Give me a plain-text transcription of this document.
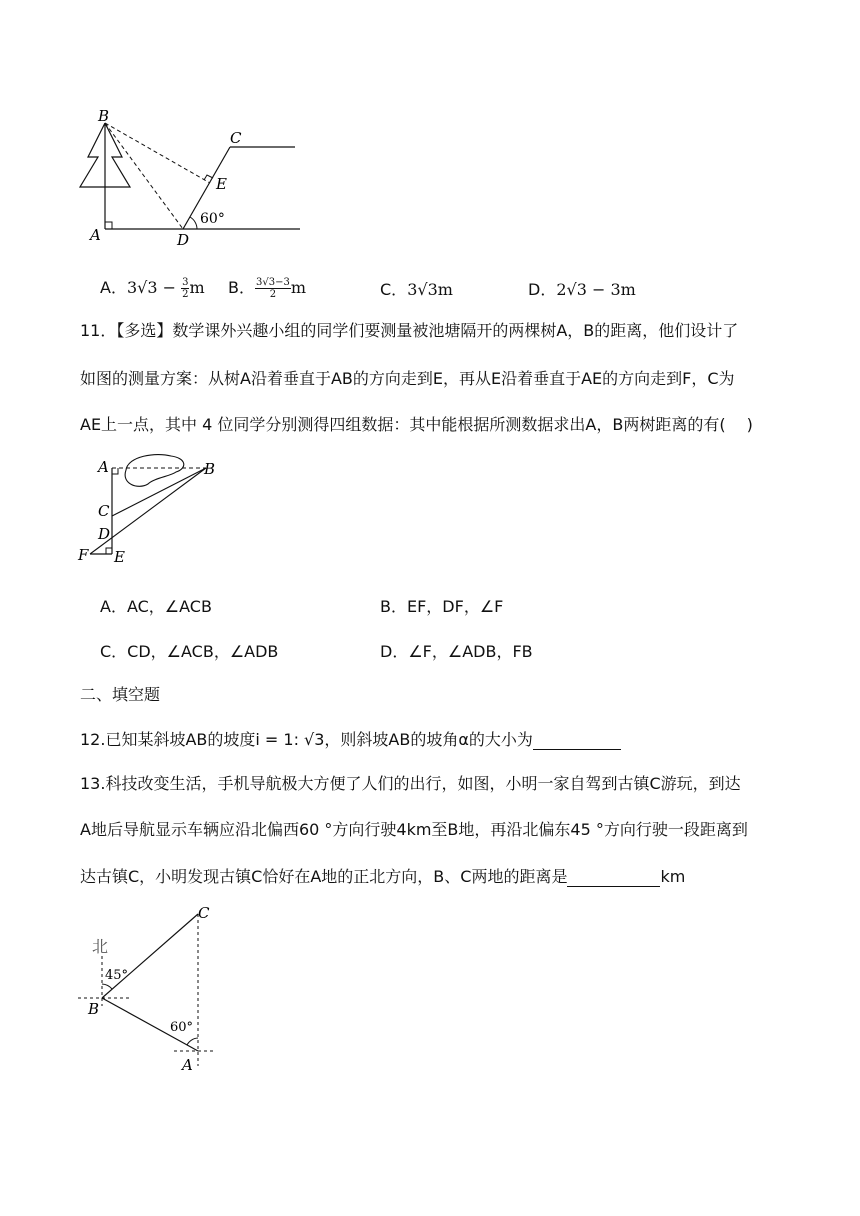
B
C
E
A	D
60°
A．$3√3 - \frac{3}{2}$ m B． $\frac{3√3-3}{2}$ m	C．3√3m	D．2√3 − 3m
11．【多选】数学课外兴趣小组的同学们要测量被池塘隔开的两棵树A，B的距离，他们设计了
如图的测量方案：从树A沿着垂直于AB的方向走到E，再从E沿着垂直于AE的方向走到F，C为
AE上一点，其中 4 位同学分别测得四组数据：其中能根据所测数据求出A，B两树距离的有(　 )
A	B
C
D
F E
A．AC，∠ACB	B．EF，DF，∠F
C．CD，∠ACB，∠ADB	D．∠F，∠ADB，FB
二、填空题
12.已知某斜坡AB的坡度i = 1: √3，则斜坡AB的坡角α的大小为
13.科技改变生活，手机导航极大方便了人们的出行，如图，小明一家自驾到古镇C游玩，到达
A地后导航显示车辆应沿北偏西60 °方向行驶4km至B地，再沿北偏东45 °方向行驶一段距离到
达古镇C，小明发现古镇C恰好在A地的正北方向，B、C两地的距离是	km
北
45°
60°
B
C
A
